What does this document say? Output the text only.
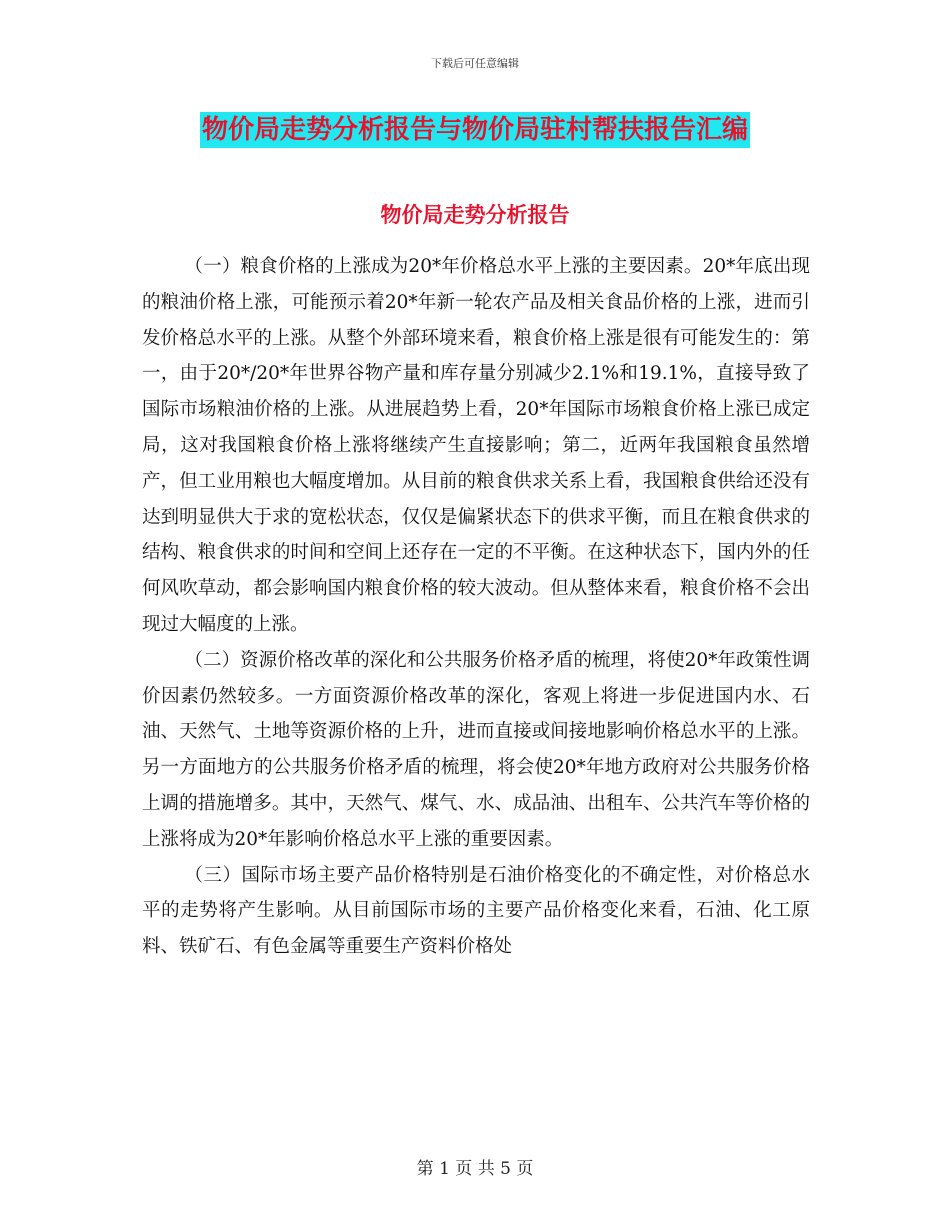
下载后可任意编辑
物价局走势分析报告与物价局驻村帮扶报告汇编
物价局走势分析报告

（一）粮食价格的上涨成为20*年价格总水平上涨的主要因素。20*年底出现的粮油价格上涨，可能预示着20*年新一轮农产品及相关食品价格的上涨，进而引发价格总水平的上涨。从整个外部环境来看，粮食价格上涨是很有可能发生的：第一，由于20*/20*年世界谷物产量和库存量分别减少2.1%和19.1%，直接导致了国际市场粮油价格的上涨。从进展趋势上看，20*年国际市场粮食价格上涨已成定局，这对我国粮食价格上涨将继续产生直接影响；第二，近两年我国粮食虽然增产，但工业用粮也大幅度增加。从目前的粮食供求关系上看，我国粮食供给还没有达到明显供大于求的宽松状态，仅仅是偏紧状态下的供求平衡，而且在粮食供求的结构、粮食供求的时间和空间上还存在一定的不平衡。在这种状态下，国内外的任何风吹草动，都会影响国内粮食价格的较大波动。但从整体来看，粮食价格不会出现过大幅度的上涨。

（二）资源价格改革的深化和公共服务价格矛盾的梳理，将使20*年政策性调价因素仍然较多。一方面资源价格改革的深化，客观上将进一步促进国内水、石油、天然气、土地等资源价格的上升，进而直接或间接地影响价格总水平的上涨。另一方面地方的公共服务价格矛盾的梳理，将会使20*年地方政府对公共服务价格上调的措施增多。其中，天然气、煤气、水、成品油、出租车、公共汽车等价格的上涨将成为20*年影响价格总水平上涨的重要因素。

（三）国际市场主要产品价格特别是石油价格变化的不确定性，对价格总水平的走势将产生影响。从目前国际市场的主要产品价格变化来看，石油、化工原料、铁矿石、有色金属等重要生产资料价格处

第 1 页 共 5 页
